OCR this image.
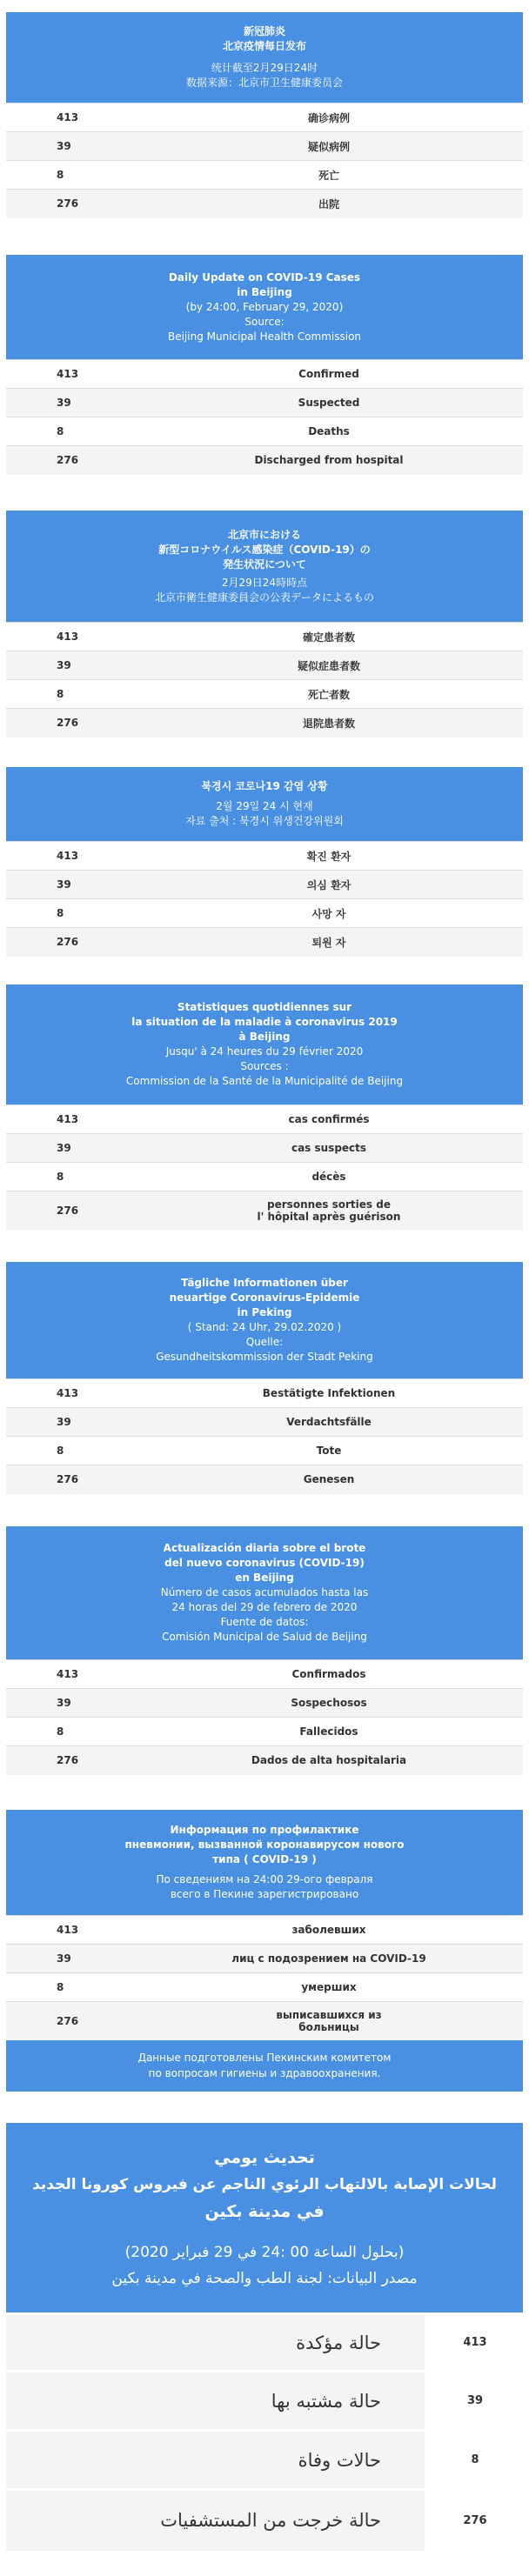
新冠肺炎
北京疫情每日发布
统计截至2月29日24时
数据来源：北京市卫生健康委员会
413	确诊病例
39	疑似病例
8	死亡
276	出院
Daily Update on COVID-19 Cases
in Beijing
(by 24:00, February 29, 2020)
Source:
Beijing Municipal Health Commission
413	Confirmed
39	Suspected
8	Deaths
276	Discharged from hospital
北京市における
新型コロナウイルス感染症（COVID-19）の
発生状況について
2月29日24時時点
北京市衛生健康委員会の公表データによるもの
413	確定患者数
39	疑似症患者数
8	死亡者数
276	退院患者数
북경시 코로나19 감염 상황
2월 29일 24 시 현재
자료 출처 : 북경시 위생건강위원회
413	확진 환자
39	의심 환자
8	사망 자
276	퇴원 자
Statistiques quotidiennes sur
la situation de la maladie à coronavirus 2019
à Beijing
Jusqu' à 24 heures du 29 février 2020
Sources :
Commission de la Santé de la Municipalité de Beijing
413	cas confirmés
39	cas suspects
8	décès
276	personnes sorties de
l' hôpital après guérison
Tägliche Informationen über
neuartige Coronavirus-Epidemie
in Peking
( Stand: 24 Uhr, 29.02.2020 )
Quelle:
Gesundheitskommission der Stadt Peking
413	Bestätigte Infektionen
39	Verdachtsfälle
8	Tote
276	Genesen
Actualización diaria sobre el brote
del nuevo coronavirus (COVID-19)
en Beijing
Número de casos acumulados hasta las
24 horas del 29 de febrero de 2020
Fuente de datos:
Comisión Municipal de Salud de Beijing
413	Confirmados
39	Sospechosos
8	Fallecidos
276	Dados de alta hospitalaria
Информация по профилактике
пневмонии, вызванной коронавирусом нового
типа ( COVID-19 )
По сведениям на 24:00 29-ого февраля
всего в Пекине зарегистрировано
413	заболевших
39	лиц с подозрением на COVID-19
8	умерших
276	выписавшихся из
больницы
Данные подготовлены Пекинским комитетом
по вопросам гигиены и здравоохранения.
تحديث يومي
لحالات الإصابة بالالتهاب الرئوي الناجم عن فيروس كورونا الجديد
في مدينة بكين
(بحلول الساعة 00 :24 في 29 فبراير 2020)
مصدر البيانات: لجنة الطب والصحة في مدينة بكين
حالة مؤكدة	413
حالة مشتبه بها	39
حالات وفاة	8
حالة خرجت من المستشفيات	276
